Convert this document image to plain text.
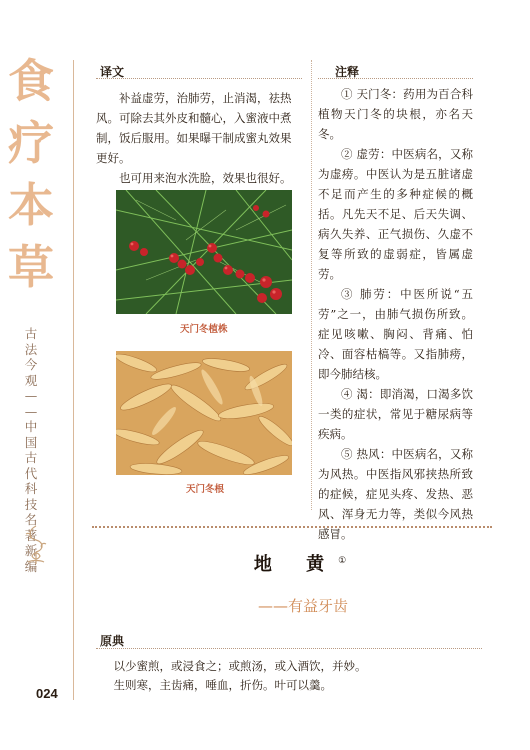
食
疗
本
草
古
法
今
观
—
—
中
国
古
代
科
技
名
著
新
编
024
译文

补益虚劳，治肺劳，止消渴，祛热风。可除去其外皮和髓心，入蜜液中煮制，饭后服用。如果曝干制成蜜丸效果更好。

也可用来泡水洗脸，效果也很好。

天门冬植株
天门冬根
注释

① 天门冬：药用为百合科植物天门冬的块根，亦名天冬。

② 虚劳：中医病名，又称为虚痨。中医认为是五脏诸虚不足而产生的多种症候的概括。凡先天不足、后天失调、病久失养、正气损伤、久虚不复等所致的虚弱症，皆属虚劳。

③ 肺劳：中医所说“五劳”之一，由肺气损伤所致。症见咳嗽、胸闷、背痛、怕冷、面容枯槁等。又指肺痨，即今肺结核。

④ 渴：即消渴，口渴多饮一类的症状，常见于糖尿病等疾病。

⑤ 热风：中医病名，又称为风热。中医指风邪挟热所致的症候，症见头疼、发热、恶风、浑身无力等，类似今风热感冒。

地 黄①
——有益牙齿
原典

以少蜜煎，或浸食之；或煎汤，或入酒饮，并妙。

生则寒，主齿痛，唾血，折伤。叶可以羹。
